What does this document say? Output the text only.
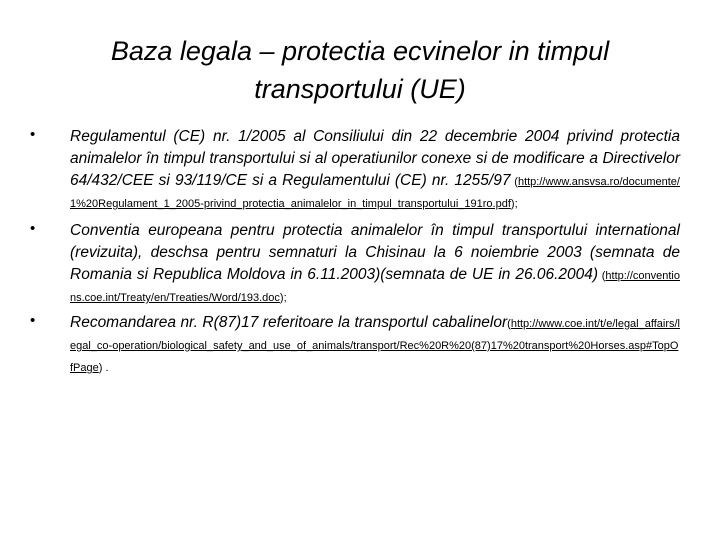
Baza legala – protectia ecvinelor in timpul
transportului (UE)
• Regulamentul (CE) nr. 1/2005 al Consiliului din 22 decembrie 2004 privind protectia animalelor în timpul transportului si al operatiunilor conexe si de modificare a Directivelor 64/432/CEE si 93/119/CE si a Regulamentului (CE) nr. 1255/97 (http://www.ansvsa.ro/documente/1%20Regulament_1_2005-privind_protectia_animalelor_in_timpul_transportului_191ro.pdf);

• Conventia europeana pentru protectia animalelor în timpul transportului international (revizuita), deschsa pentru semnaturi la Chisinau la 6 noiembrie 2003 (semnata de Romania si Republica Moldova in 6.11.2003)(semnata de UE in 26.06.2004) (http://conventions.coe.int/Treaty/en/Treaties/Word/193.doc);

• Recomandarea nr. R(87)17 referitoare la transportul cabalinelor(http://www.coe.int/t/e/legal_affairs/legal_co-operation/biological_safety_and_use_of_animals/transport/Rec%20R%20(87)17%20transport%20Horses.asp#TopOfPage) .
